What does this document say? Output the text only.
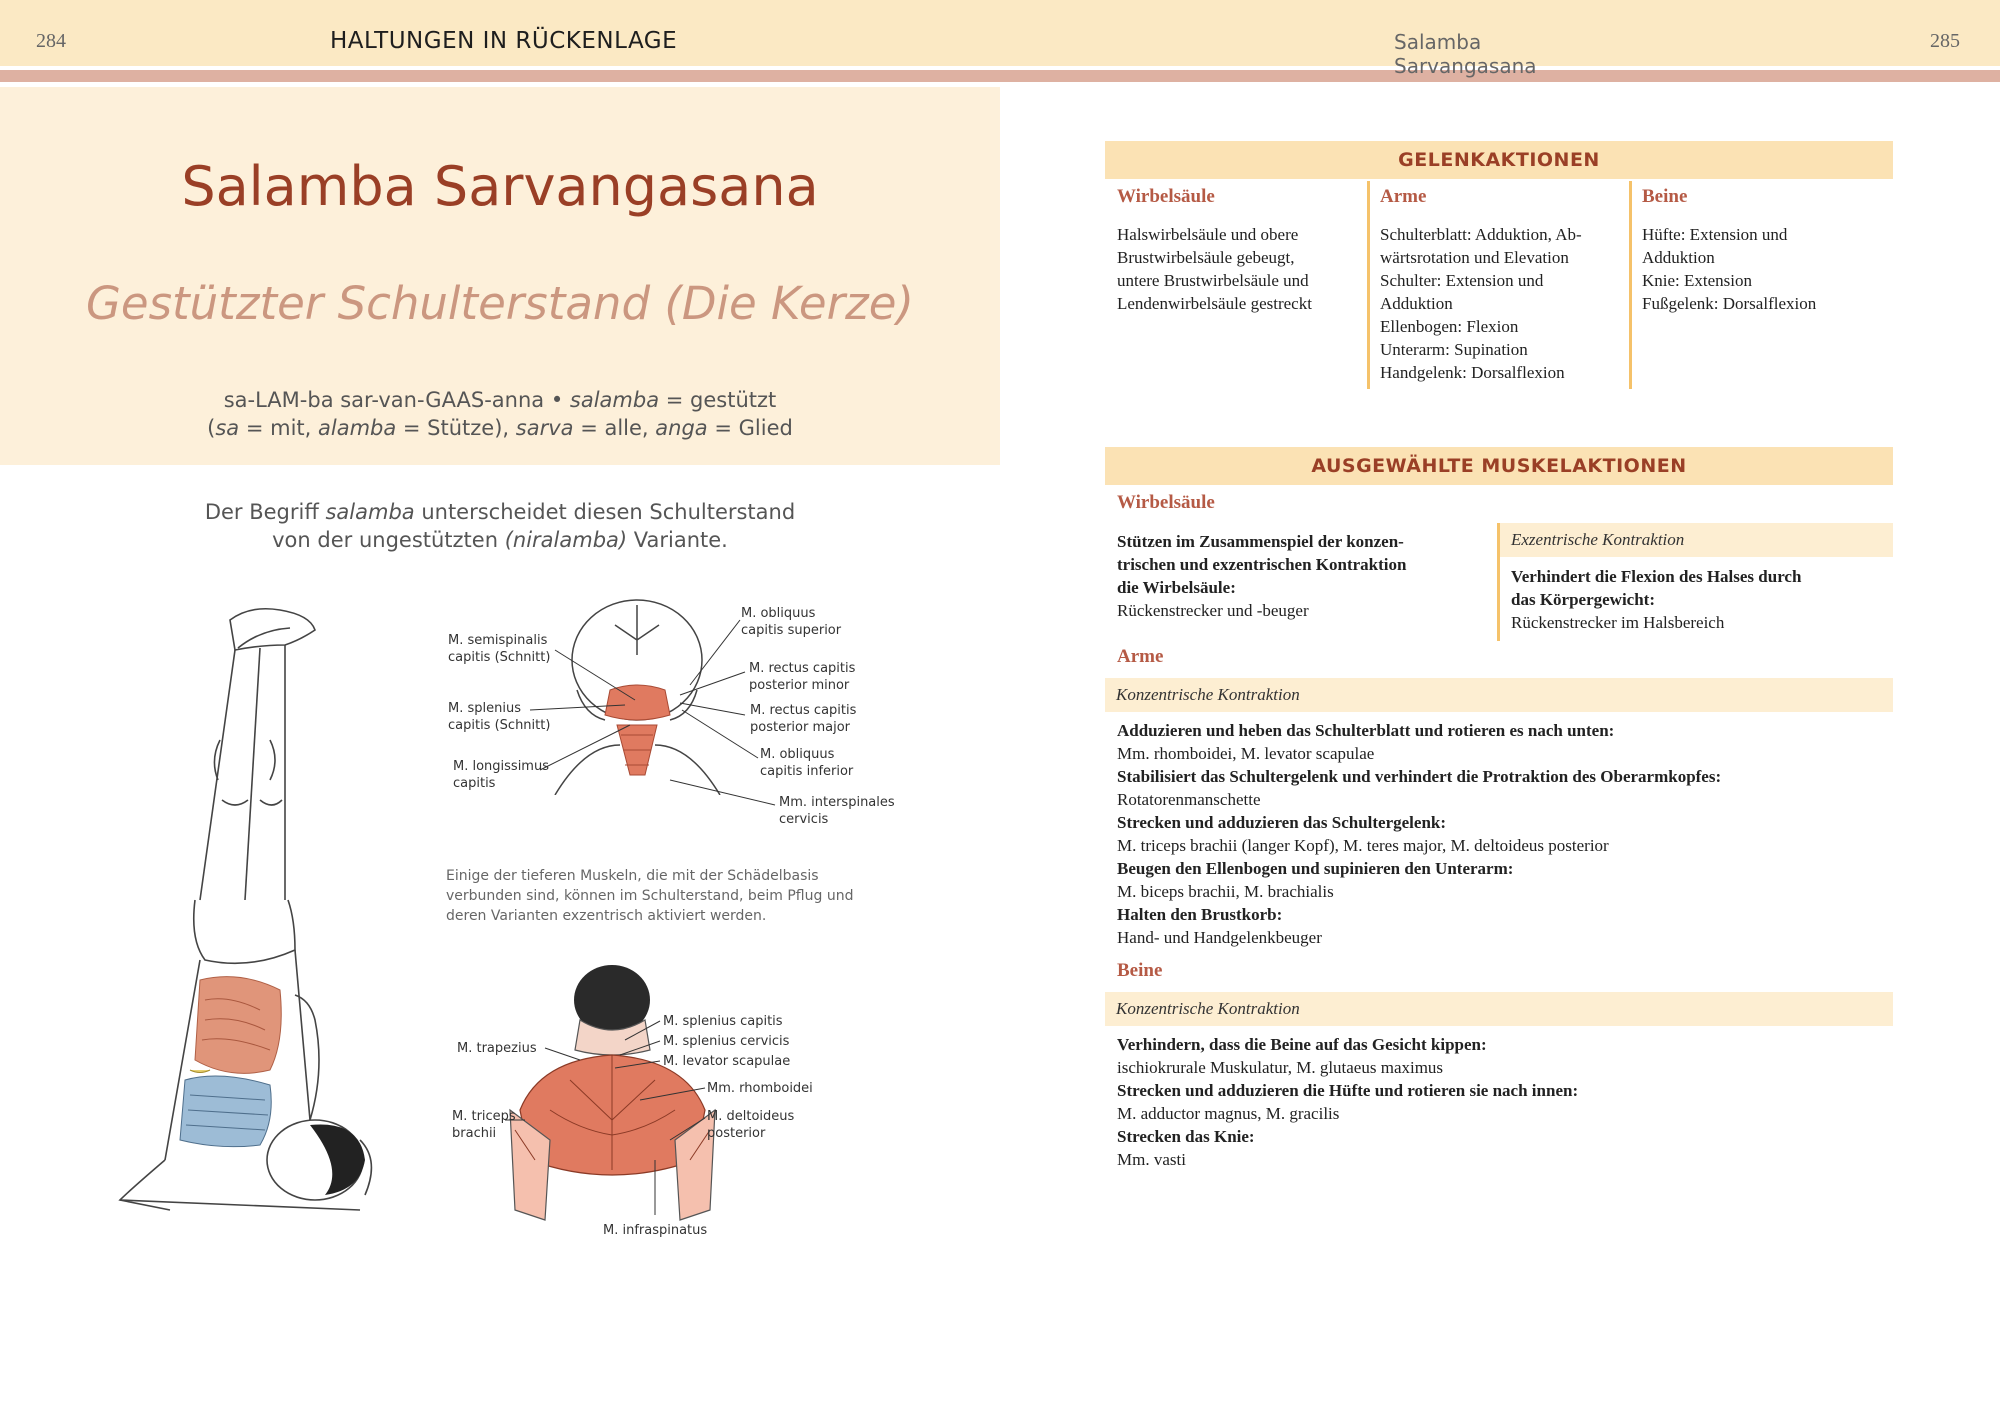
284	HALTUNGEN IN RÜCKENLAGE	Salamba Sarvangasana
285
Salamba Sarvangasana
Gestützter Schulterstand (Die Kerze)
sa-LAM-ba sar-van-GAAS-anna • salamba = gestützt
(sa = mit, alamba = Stütze), sarva = alle, anga = Glied
Der Begriff salamba unterscheidet diesen Schulterstand
von der ungestützten (niralamba) Variante.
M. semispinalis
capitis (Schnitt)
M. splenius
capitis (Schnitt)
M. longissimus
capitis
M. obliquus
capitis superior
M. rectus capitis
posterior minor
M. rectus capitis
posterior major
M. obliquus
capitis inferior
Mm. interspinales
cervicis
Einige der tieferen Muskeln, die mit der Schädelbasis verbunden sind, können im Schulterstand, beim Pflug und deren Varianten exzentrisch aktiviert werden.
M. trapezius
M. triceps
brachii
M. splenius capitis
M. splenius cervicis
M. levator scapulae
Mm. rhomboidei
M. deltoideus
posterior
M. infraspinatus
GELENKAKTIONEN
Wirbelsäule
Halswirbelsäule und obere
Brustwirbelsäule gebeugt,
untere Brustwirbelsäule und
Lendenwirbelsäule gestreckt
Arme
Schulterblatt: Adduktion, Ab-
wärtsrotation und Elevation
Schulter: Extension und
Adduktion
Ellenbogen: Flexion
Unterarm: Supination
Handgelenk: Dorsalflexion
Beine
Hüfte: Extension und
Adduktion
Knie: Extension
Fußgelenk: Dorsalflexion
AUSGEWÄHLTE MUSKELAKTIONEN
Wirbelsäule
Stützen im Zusammenspiel der konzen-
trischen und exzentrischen Kontraktion
die Wirbelsäule:
Rückenstrecker und -beuger
Exzentrische Kontraktion
Verhindert die Flexion des Halses durch
das Körpergewicht:
Rückenstrecker im Halsbereich
Arme
Konzentrische Kontraktion
Adduzieren und heben das Schulterblatt und rotieren es nach unten:
Mm. rhomboidei, M. levator scapulae
Stabilisiert das Schultergelenk und verhindert die Protraktion des Oberarmkopfes:
Rotatorenmanschette
Strecken und adduzieren das Schultergelenk:
M. triceps brachii (langer Kopf), M. teres major, M. deltoideus posterior
Beugen den Ellenbogen und supinieren den Unterarm:
M. biceps brachii, M. brachialis
Halten den Brustkorb:
Hand- und Handgelenkbeuger
Beine
Konzentrische Kontraktion
Verhindern, dass die Beine auf das Gesicht kippen:
ischiokrurale Muskulatur, M. glutaeus maximus
Strecken und adduzieren die Hüfte und rotieren sie nach innen:
M. adductor magnus, M. gracilis
Strecken das Knie:
Mm. vasti
